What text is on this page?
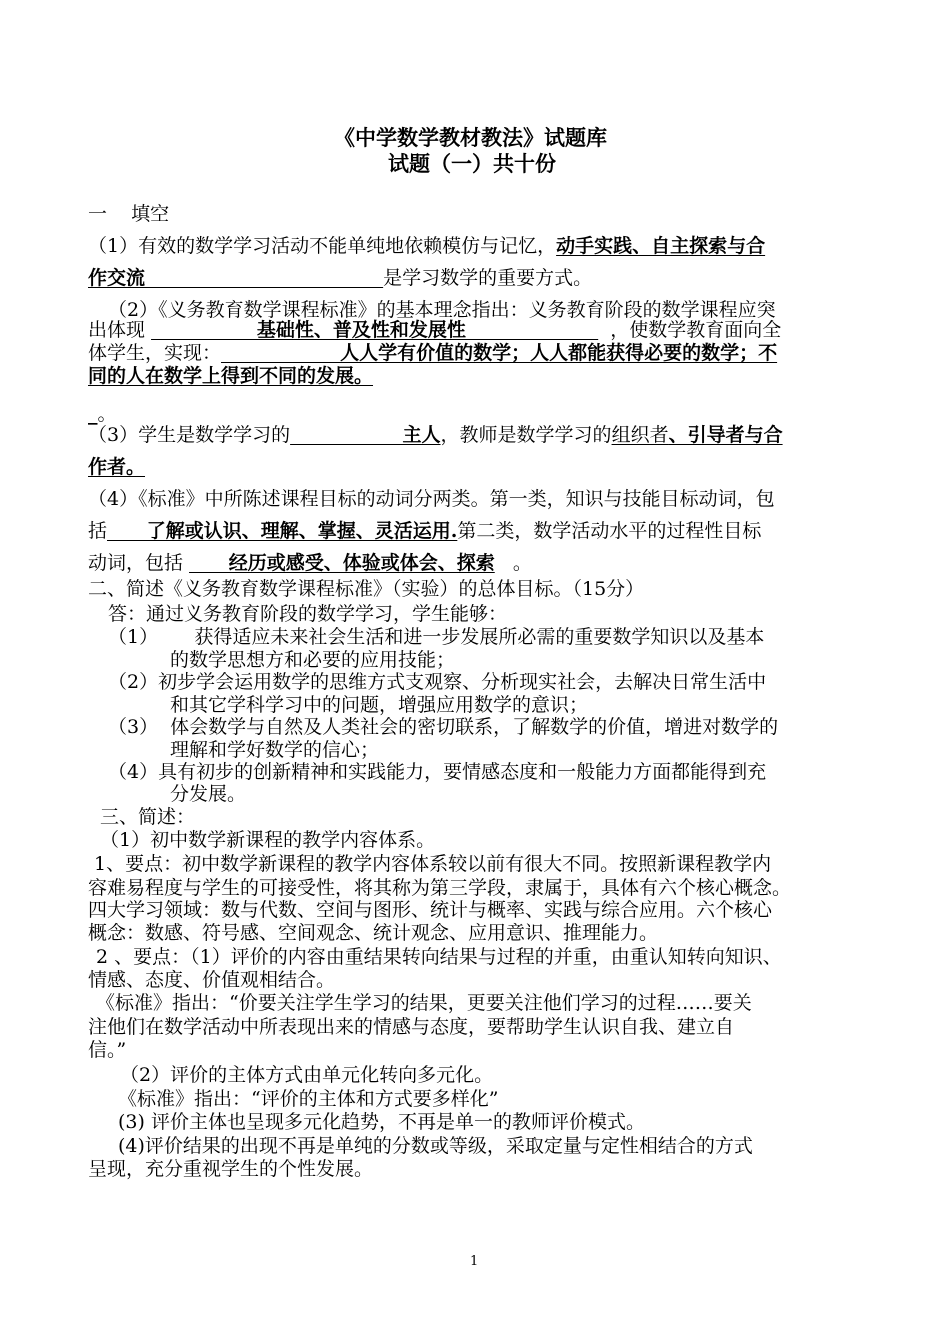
《中学数学教材教法》试题库
试题（一）共十份
一    填空
（1）有效的数学学习活动不能单纯地依赖模仿与记忆，动手实践、自主探索与合
作交流                                    是学习数学的重要方式。
（2）《义务教育数学课程标准》的基本理念指出：义务教育阶段的数学课程应突
出体现                 基础性、普及性和发展性                      ，使数学教育面向全
体学生，实现：                  人人学有价值的数学；人人都能获得必要的数学；不
同的人在数学上得到不同的发展。
_。
（3）学生是数学学习的                 主人，教师是数学学习的组织者、引导者与合
作者。
（4）《标准》中所陈述课程目标的动词分两类。第一类，知识与技能目标动词，包
括      了解或认识、理解、掌握、灵活运用.第二类，数学活动水平的过程性目标
动词，包括       经历或感受、体验或体会、探索   。
二、简述《义务教育数学课程标准》（实验）的总体目标。（15分）
答：通过义务教育阶段的数学学习，学生能够：
（1）      获得适应未来社会生活和进一步发展所必需的重要数学知识以及基本
的数学思想方和必要的应用技能；
（2）初步学会运用数学的思维方式支观察、分析现实社会，去解决日常生活中
和其它学科学习中的问题，增强应用数学的意识；
（3）  体会数学与自然及人类社会的密切联系，了解数学的价值，增进对数学的
理解和学好数学的信心；
（4）具有初步的创新精神和实践能力，要情感态度和一般能力方面都能得到充
分发展。
三、简述：
（1）初中数学新课程的教学内容体系。
1、要点：初中数学新课程的教学内容体系较以前有很大不同。按照新课程教学内
容难易程度与学生的可接受性，将其称为第三学段，隶属于，具体有六个核心概念。
四大学习领域：数与代数、空间与图形、统计与概率、实践与综合应用。六个核心
概念：数感、符号感、空间观念、统计观念、应用意识、推理能力。
2 、要点：（1）评价的内容由重结果转向结果与过程的并重，由重认知转向知识、
情感、态度、价值观相结合。
《标准》指出：“价要关注学生学习的结果，更要关注他们学习的过程……要关
注他们在数学活动中所表现出来的情感与态度，要帮助学生认识自我、建立自
信。”
（2）评价的主体方式由单元化转向多元化。
《标准》指出：“评价的主体和方式要多样化”
(3) 评价主体也呈现多元化趋势，不再是单一的教师评价模式。
(4)评价结果的出现不再是单纯的分数或等级，采取定量与定性相结合的方式
呈现，充分重视学生的个性发展。
1
